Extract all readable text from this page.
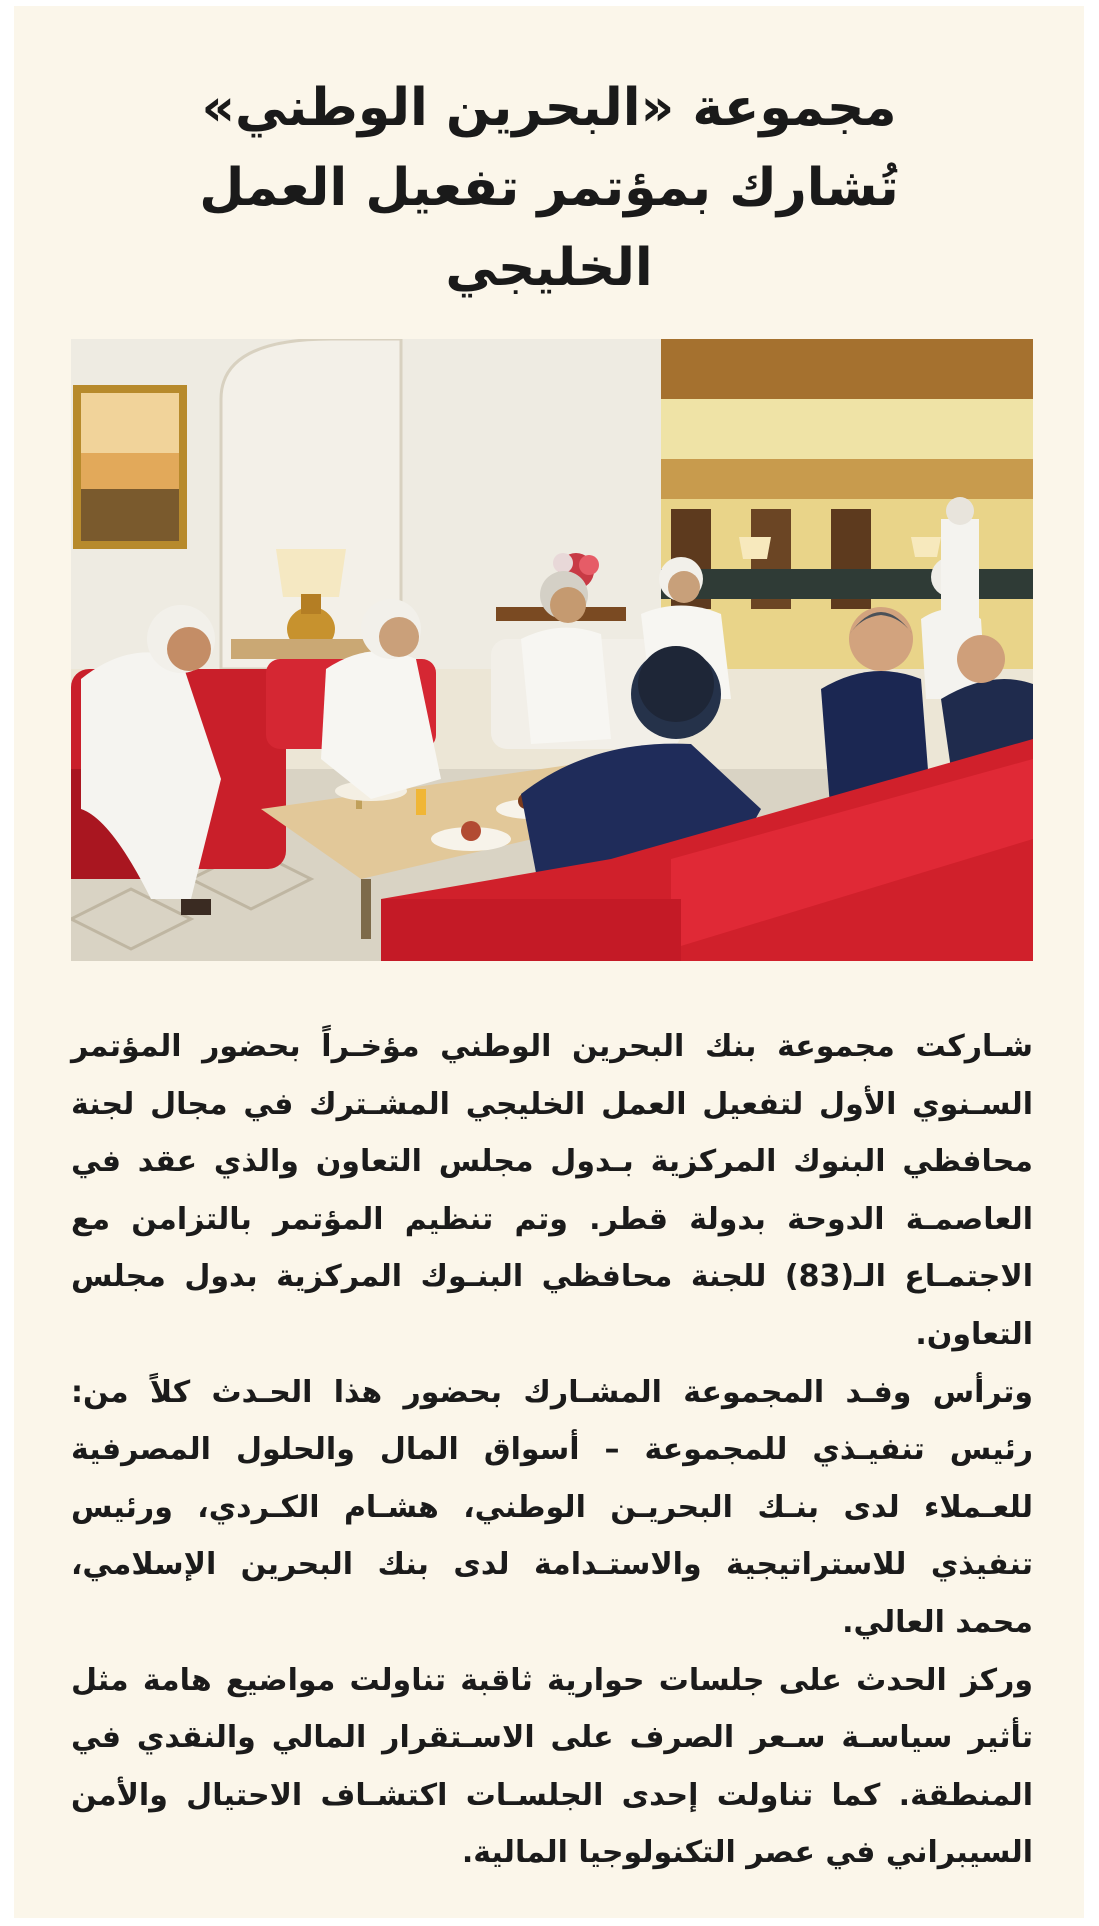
مجموعة «البحرين الوطني»
تُشارك بمؤتمر تفعيل العمل
الخليجي

شـاركت مجموعة بنك البحرين الوطني مؤخـراً بحضور المؤتمر السـنوي الأول لتفعيل العمل الخليجي المشـترك في مجال لجنة محافظي البنوك المركزية بـدول مجلس التعاون والذي عقد في العاصمـة الدوحة بدولة قطر. وتم تنظيم المؤتمر بالتزامن مع الاجتمـاع الـ(83) للجنة محافظي البنـوك المركزية بدول مجلس التعاون.

وترأس وفـد المجموعة المشـارك بحضور هذا الحـدث كلاً من: رئيس تنفيـذي للمجموعة – أسواق المال والحلول المصرفية للعـملاء لدى بنـك البحريـن الوطني، هشـام الكـردي، ورئيس تنفيذي للاستراتيجية والاستـدامة لدى بنك البحرين الإسلامي، محمد العالي.

وركز الحدث على جلسات حوارية ثاقبة تناولت مواضيع هامة مثل تأثير سياسـة سـعر الصرف على الاسـتقرار المالي والنقدي في المنطقة. كما تناولت إحدى الجلسـات اكتشـاف الاحتيال والأمن السيبراني في عصر التكنولوجيا المالية.
